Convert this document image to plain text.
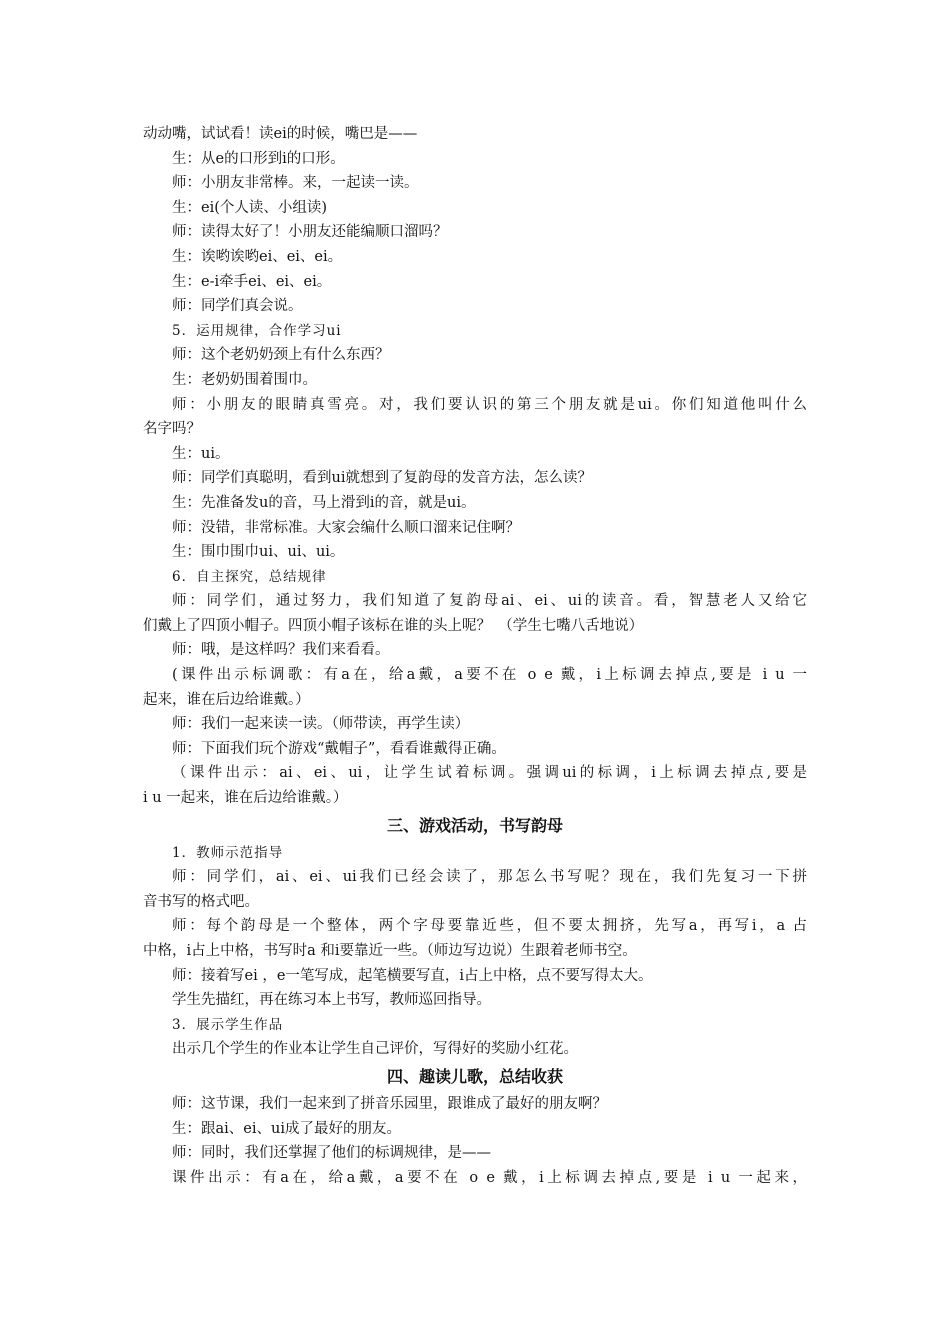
动动嘴，试试看！读ei的时候，嘴巴是——

生：从e的口形到i的口形。

师：小朋友非常棒。来，一起读一读。

生：ei(个人读、小组读)

师：读得太好了！小朋友还能编顺口溜吗？

生：诶哟诶哟ei、ei、ei。

生：e-i牵手ei、ei、ei。

师：同学们真会说。

5．运用规律，合作学习ui

师：这个老奶奶颈上有什么东西？

生：老奶奶围着围巾。

师：小朋友的眼睛真雪亮。对，我们要认识的第三个朋友就是ui。你们知道他叫什么

名字吗？

生：ui。

师：同学们真聪明，看到ui就想到了复韵母的发音方法，怎么读？

生：先准备发u的音，马上滑到i的音，就是ui。

师：没错，非常标准。大家会编什么顺口溜来记住啊？

生：围巾围巾ui、ui、ui。

6．自主探究，总结规律

师：同学们，通过努力，我们知道了复韵母ai、ei、ui的读音。看，智慧老人又给它

们戴上了四顶小帽子。四顶小帽子该标在谁的头上呢？　（学生七嘴八舌地说）

师：哦，是这样吗？我们来看看。

(课件出示标调歌：有a在，给a戴，a要不在 o e 戴，i上标调去掉点,要是 i u 一

起来，谁在后边给谁戴。）

师：我们一起来读一读。（师带读，再学生读）

师：下面我们玩个游戏“戴帽子”，看看谁戴得正确。

（课件出示：ai、ei、ui，让学生试着标调。强调ui的标调，i上标调去掉点,要是

i u 一起来，谁在后边给谁戴。）

三、游戏活动，书写韵母

1．教师示范指导

师：同学们，ai、ei、ui我们已经会读了，那怎么书写呢？现在，我们先复习一下拼

音书写的格式吧。

师：每个韵母是一个整体，两个字母要靠近些，但不要太拥挤，先写a，再写i，a 占

中格，i占上中格，书写时a 和i要靠近一些。（师边写边说）生跟着老师书空。

师：接着写ei ，e一笔写成，起笔横要写直，i占上中格，点不要写得太大。

学生先描红，再在练习本上书写，教师巡回指导。

3．展示学生作品

出示几个学生的作业本让学生自己评价，写得好的奖励小红花。

四、趣读儿歌，总结收获

师：这节课，我们一起来到了拼音乐园里，跟谁成了最好的朋友啊？

生：跟ai、ei、ui成了最好的朋友。

师：同时，我们还掌握了他们的标调规律，是——

课件出示：有a在，给a戴，a要不在 o e 戴，i上标调去掉点,要是 i u 一起来，
